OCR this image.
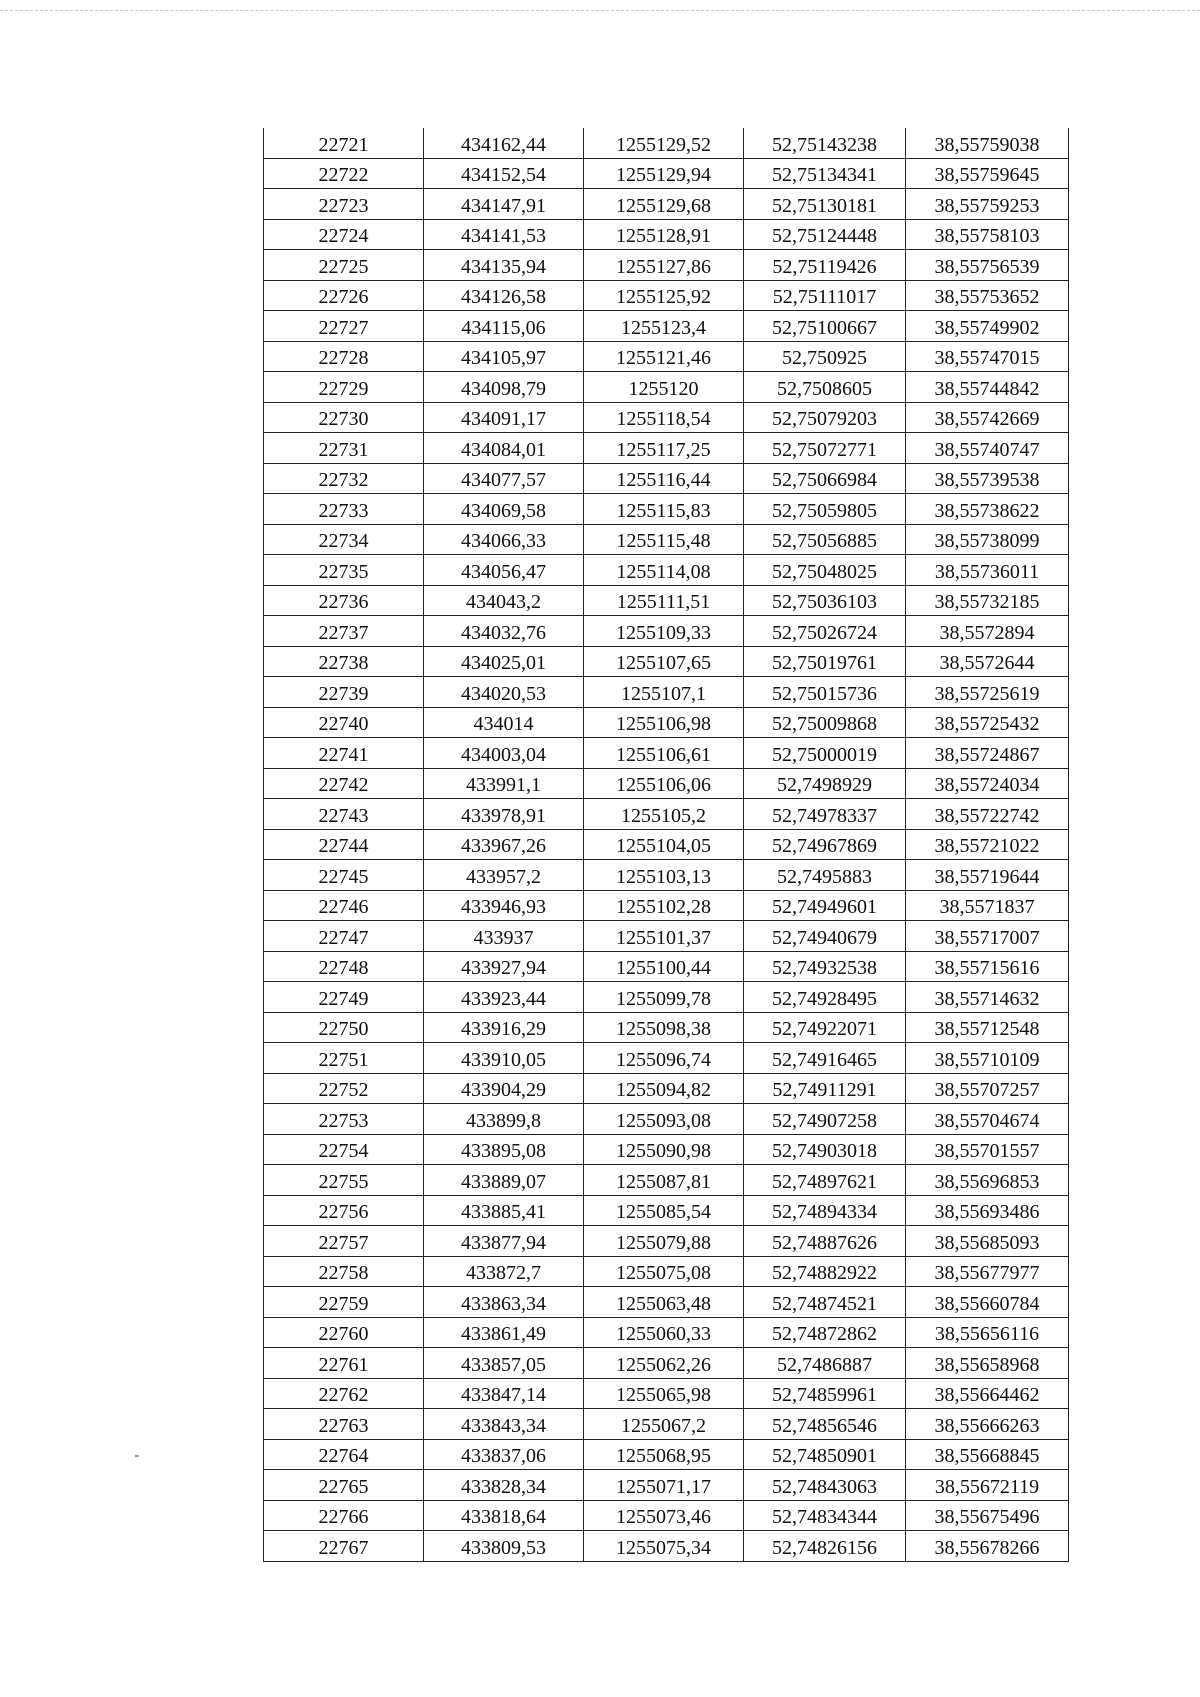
22721	434162,44	1255129,52	52,75143238	38,55759038
22722	434152,54	1255129,94	52,75134341	38,55759645
22723	434147,91	1255129,68	52,75130181	38,55759253
22724	434141,53	1255128,91	52,75124448	38,55758103
22725	434135,94	1255127,86	52,75119426	38,55756539
22726	434126,58	1255125,92	52,75111017	38,55753652
22727	434115,06	1255123,4	52,75100667	38,55749902
22728	434105,97	1255121,46	52,750925	38,55747015
22729	434098,79	1255120	52,7508605	38,55744842
22730	434091,17	1255118,54	52,75079203	38,55742669
22731	434084,01	1255117,25	52,75072771	38,55740747
22732	434077,57	1255116,44	52,75066984	38,55739538
22733	434069,58	1255115,83	52,75059805	38,55738622
22734	434066,33	1255115,48	52,75056885	38,55738099
22735	434056,47	1255114,08	52,75048025	38,55736011
22736	434043,2	1255111,51	52,75036103	38,55732185
22737	434032,76	1255109,33	52,75026724	38,5572894
22738	434025,01	1255107,65	52,75019761	38,5572644
22739	434020,53	1255107,1	52,75015736	38,55725619
22740	434014	1255106,98	52,75009868	38,55725432
22741	434003,04	1255106,61	52,75000019	38,55724867
22742	433991,1	1255106,06	52,7498929	38,55724034
22743	433978,91	1255105,2	52,74978337	38,55722742
22744	433967,26	1255104,05	52,74967869	38,55721022
22745	433957,2	1255103,13	52,7495883	38,55719644
22746	433946,93	1255102,28	52,74949601	38,5571837
22747	433937	1255101,37	52,74940679	38,55717007
22748	433927,94	1255100,44	52,74932538	38,55715616
22749	433923,44	1255099,78	52,74928495	38,55714632
22750	433916,29	1255098,38	52,74922071	38,55712548
22751	433910,05	1255096,74	52,74916465	38,55710109
22752	433904,29	1255094,82	52,74911291	38,55707257
22753	433899,8	1255093,08	52,74907258	38,55704674
22754	433895,08	1255090,98	52,74903018	38,55701557
22755	433889,07	1255087,81	52,74897621	38,55696853
22756	433885,41	1255085,54	52,74894334	38,55693486
22757	433877,94	1255079,88	52,74887626	38,55685093
22758	433872,7	1255075,08	52,74882922	38,55677977
22759	433863,34	1255063,48	52,74874521	38,55660784
22760	433861,49	1255060,33	52,74872862	38,55656116
22761	433857,05	1255062,26	52,7486887	38,55658968
22762	433847,14	1255065,98	52,74859961	38,55664462
22763	433843,34	1255067,2	52,74856546	38,55666263
22764	433837,06	1255068,95	52,74850901	38,55668845
22765	433828,34	1255071,17	52,74843063	38,55672119
22766	433818,64	1255073,46	52,74834344	38,55675496
22767	433809,53	1255075,34	52,74826156	38,55678266
